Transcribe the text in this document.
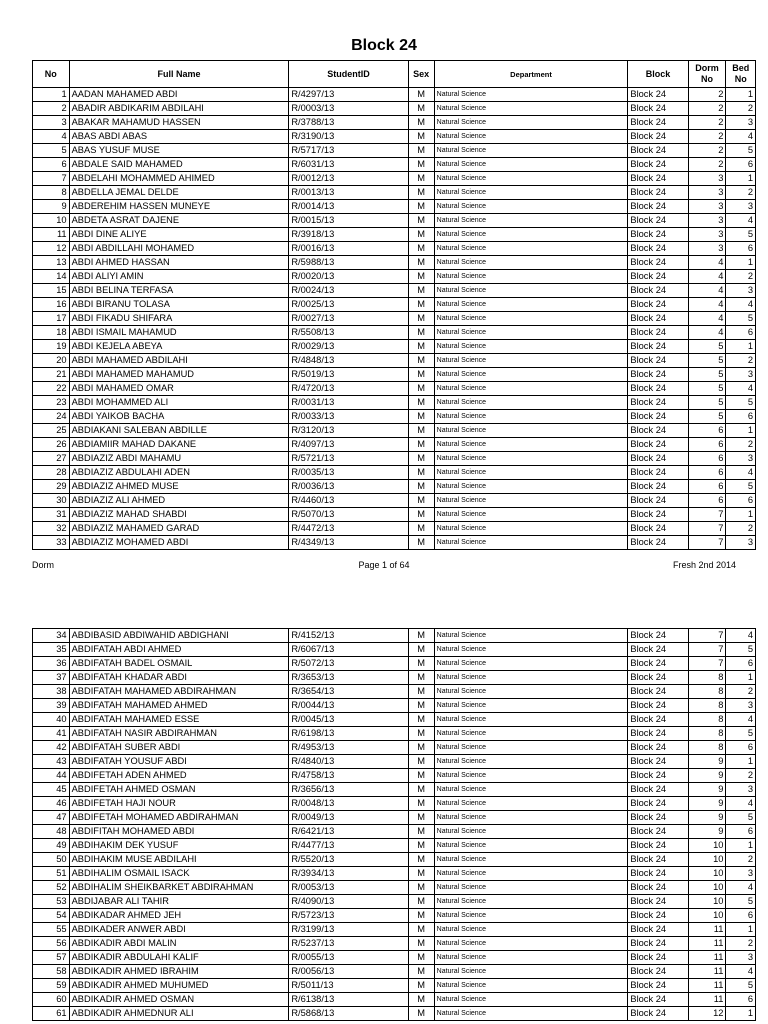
Block 24
No	Full Name	StudentID	Sex	Department	Block	Dorm No	Bed No
1	AADAN MAHAMED ABDI	R/4297/13	M	Natural Science	Block 24	2	1
2	ABADIR ABDIKARIM ABDILAHI	R/0003/13	M	Natural Science	Block 24	2	2
3	ABAKAR MAHAMUD HASSEN	R/3788/13	M	Natural Science	Block 24	2	3
4	ABAS ABDI ABAS	R/3190/13	M	Natural Science	Block 24	2	4
5	ABAS YUSUF MUSE	R/5717/13	M	Natural Science	Block 24	2	5
6	ABDALE SAID MAHAMED	R/6031/13	M	Natural Science	Block 24	2	6
7	ABDELAHI MOHAMMED AHIMED	R/0012/13	M	Natural Science	Block 24	3	1
8	ABDELLA JEMAL DELDE	R/0013/13	M	Natural Science	Block 24	3	2
9	ABDEREHIM HASSEN MUNEYE	R/0014/13	M	Natural Science	Block 24	3	3
10	ABDETA ASRAT DAJENE	R/0015/13	M	Natural Science	Block 24	3	4
11	ABDI DINE ALIYE	R/3918/13	M	Natural Science	Block 24	3	5
12	ABDI ABDILLAHI MOHAMED	R/0016/13	M	Natural Science	Block 24	3	6
13	ABDI AHMED HASSAN	R/5988/13	M	Natural Science	Block 24	4	1
14	ABDI ALIYI AMIN	R/0020/13	M	Natural Science	Block 24	4	2
15	ABDI BELINA TERFASA	R/0024/13	M	Natural Science	Block 24	4	3
16	ABDI BIRANU TOLASA	R/0025/13	M	Natural Science	Block 24	4	4
17	ABDI FIKADU SHIFARA	R/0027/13	M	Natural Science	Block 24	4	5
18	ABDI ISMAIL MAHAMUD	R/5508/13	M	Natural Science	Block 24	4	6
19	ABDI KEJELA ABEYA	R/0029/13	M	Natural Science	Block 24	5	1
20	ABDI MAHAMED ABDILAHI	R/4848/13	M	Natural Science	Block 24	5	2
21	ABDI MAHAMED MAHAMUD	R/5019/13	M	Natural Science	Block 24	5	3
22	ABDI MAHAMED OMAR	R/4720/13	M	Natural Science	Block 24	5	4
23	ABDI MOHAMMED ALI	R/0031/13	M	Natural Science	Block 24	5	5
24	ABDI YAIKOB BACHA	R/0033/13	M	Natural Science	Block 24	5	6
25	ABDIAKANI SALEBAN ABDILLE	R/3120/13	M	Natural Science	Block 24	6	1
26	ABDIAMIIR MAHAD DAKANE	R/4097/13	M	Natural Science	Block 24	6	2
27	ABDIAZIZ ABDI MAHAMU	R/5721/13	M	Natural Science	Block 24	6	3
28	ABDIAZIZ ABDULAHI ADEN	R/0035/13	M	Natural Science	Block 24	6	4
29	ABDIAZIZ AHMED MUSE	R/0036/13	M	Natural Science	Block 24	6	5
30	ABDIAZIZ ALI AHMED	R/4460/13	M	Natural Science	Block 24	6	6
31	ABDIAZIZ MAHAD SHABDI	R/5070/13	M	Natural Science	Block 24	7	1
32	ABDIAZIZ MAHAMED GARAD	R/4472/13	M	Natural Science	Block 24	7	2
33	ABDIAZIZ MOHAMED ABDI	R/4349/13	M	Natural Science	Block 24	7	3
Dorm	Page 1 of 64	Fresh 2nd 2014
34	ABDIBASID ABDIWAHID ABDIGHANI	R/4152/13	M	Natural Science	Block 24	7	4
35	ABDIFATAH ABDI AHMED	R/6067/13	M	Natural Science	Block 24	7	5
36	ABDIFATAH BADEL OSMAIL	R/5072/13	M	Natural Science	Block 24	7	6
37	ABDIFATAH KHADAR ABDI	R/3653/13	M	Natural Science	Block 24	8	1
38	ABDIFATAH MAHAMED ABDIRAHMAN	R/3654/13	M	Natural Science	Block 24	8	2
39	ABDIFATAH MAHAMED AHMED	R/0044/13	M	Natural Science	Block 24	8	3
40	ABDIFATAH MAHAMED ESSE	R/0045/13	M	Natural Science	Block 24	8	4
41	ABDIFATAH NASIR ABDIRAHMAN	R/6198/13	M	Natural Science	Block 24	8	5
42	ABDIFATAH SUBER ABDI	R/4953/13	M	Natural Science	Block 24	8	6
43	ABDIFATAH YOUSUF ABDI	R/4840/13	M	Natural Science	Block 24	9	1
44	ABDIFETAH ADEN AHMED	R/4758/13	M	Natural Science	Block 24	9	2
45	ABDIFETAH AHMED OSMAN	R/3656/13	M	Natural Science	Block 24	9	3
46	ABDIFETAH HAJI NOUR	R/0048/13	M	Natural Science	Block 24	9	4
47	ABDIFETAH MOHAMED ABDIRAHMAN	R/0049/13	M	Natural Science	Block 24	9	5
48	ABDIFITAH MOHAMED ABDI	R/6421/13	M	Natural Science	Block 24	9	6
49	ABDIHAKIM DEK YUSUF	R/4477/13	M	Natural Science	Block 24	10	1
50	ABDIHAKIM MUSE ABDILAHI	R/5520/13	M	Natural Science	Block 24	10	2
51	ABDIHALIM OSMAIL ISACK	R/3934/13	M	Natural Science	Block 24	10	3
52	ABDIHALIM SHEIKBARKET ABDIRAHMAN	R/0053/13	M	Natural Science	Block 24	10	4
53	ABDIJABAR ALI TAHIR	R/4090/13	M	Natural Science	Block 24	10	5
54	ABDIKADAR AHMED JEH	R/5723/13	M	Natural Science	Block 24	10	6
55	ABDIKADER ANWER ABDI	R/3199/13	M	Natural Science	Block 24	11	1
56	ABDIKADIR ABDI MALIN	R/5237/13	M	Natural Science	Block 24	11	2
57	ABDIKADIR ABDULAHI KALIF	R/0055/13	M	Natural Science	Block 24	11	3
58	ABDIKADIR AHMED IBRAHIM	R/0056/13	M	Natural Science	Block 24	11	4
59	ABDIKADIR AHMED MUHUMED	R/5011/13	M	Natural Science	Block 24	11	5
60	ABDIKADIR AHMED OSMAN	R/6138/13	M	Natural Science	Block 24	11	6
61	ABDIKADIR AHMEDNUR ALI	R/5868/13	M	Natural Science	Block 24	12	1
